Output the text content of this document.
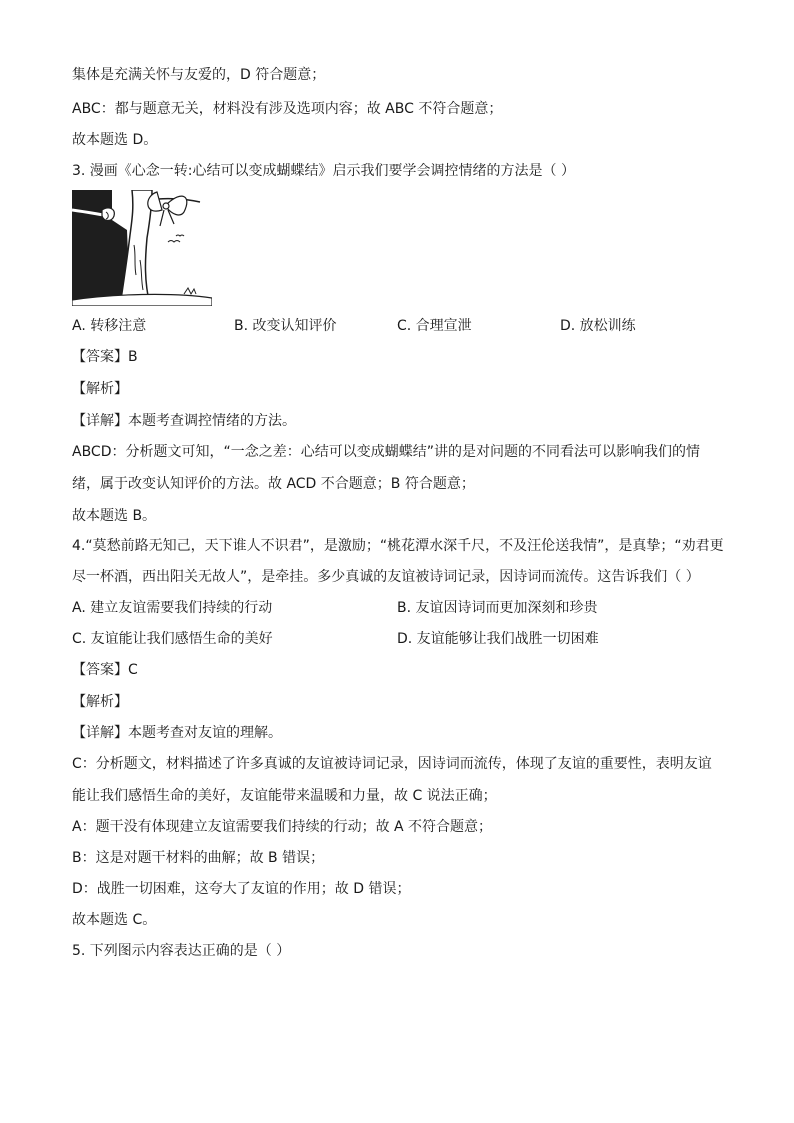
集体是充满关怀与友爱的，D 符合题意；
ABC：都与题意无关，材料没有涉及选项内容；故 ABC 不符合题意；
故本题选 D。
3. 漫画《心念一转:心结可以变成蝴蝶结》启示我们要学会调控情绪的方法是（ ）
A. 转移注意	B. 改变认知评价	C. 合理宣泄	D. 放松训练
【答案】B
【解析】
【详解】本题考查调控情绪的方法。
ABCD：分析题文可知，“一念之差：心结可以变成蝴蝶结”讲的是对问题的不同看法可以影响我们的情
绪，属于改变认知评价的方法。故 ACD 不合题意；B 符合题意；
故本题选 B。
4.“莫愁前路无知己，天下谁人不识君”，是激励；“桃花潭水深千尺，不及汪伦送我情”，是真挚；“劝君更
尽一杯酒，西出阳关无故人”，是牵挂。多少真诚的友谊被诗词记录，因诗词而流传。这告诉我们（ ）
A. 建立友谊需要我们持续的行动	B. 友谊因诗词而更加深刻和珍贵
C. 友谊能让我们感悟生命的美好	D. 友谊能够让我们战胜一切困难
【答案】C
【解析】
【详解】本题考查对友谊的理解。
C：分析题文，材料描述了许多真诚的友谊被诗词记录，因诗词而流传，体现了友谊的重要性，表明友谊
能让我们感悟生命的美好，友谊能带来温暖和力量，故 C 说法正确；
A：题干没有体现建立友谊需要我们持续的行动；故 A 不符合题意；
B：这是对题干材料的曲解；故 B 错误；
D：战胜一切困难，这夸大了友谊的作用；故 D 错误；
故本题选 C。
5. 下列图示内容表达正确的是（ ）
